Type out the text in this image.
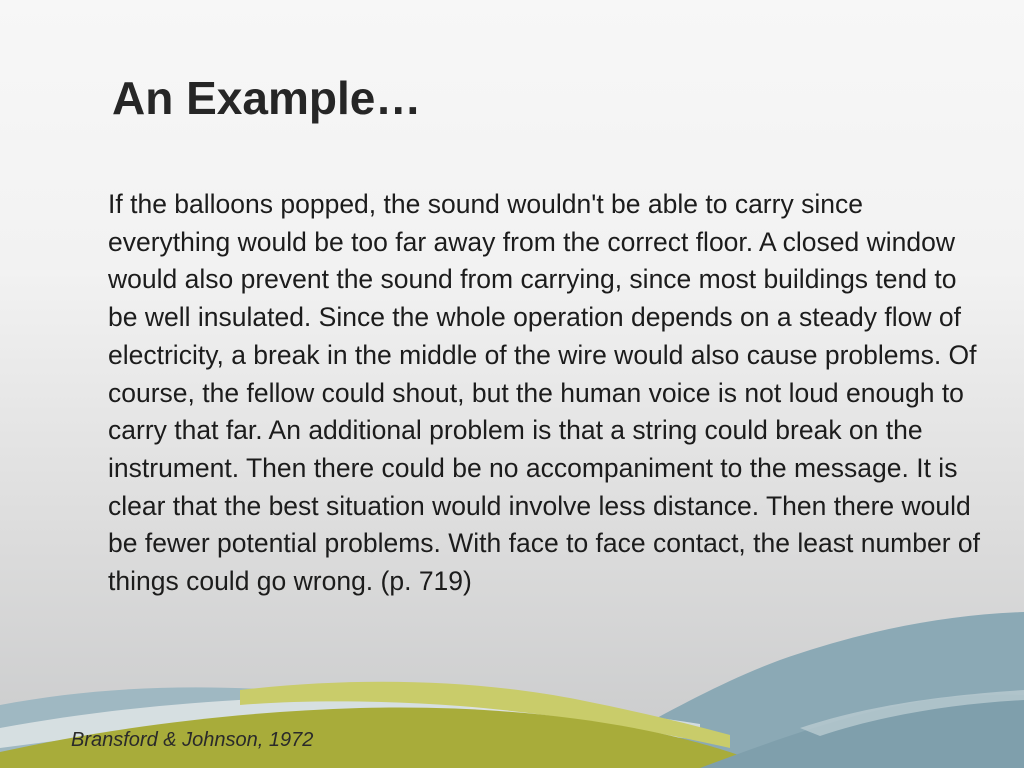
An Example…

If the balloons popped, the sound wouldn't be able to carry since everything would be too far away from the correct floor. A closed window would also prevent the sound from carrying, since most buildings tend to be well insulated. Since the whole operation depends on a steady flow of electricity, a break in the middle of the wire would also cause problems. Of course, the fellow could shout, but the human voice is not loud enough to carry that far. An additional problem is that a string could break on the instrument. Then there could be no accompaniment to the message. It is clear that the best situation would involve less distance. Then there would be fewer potential problems. With face to face contact, the least number of things could go wrong. (p. 719)

Bransford & Johnson, 1972
